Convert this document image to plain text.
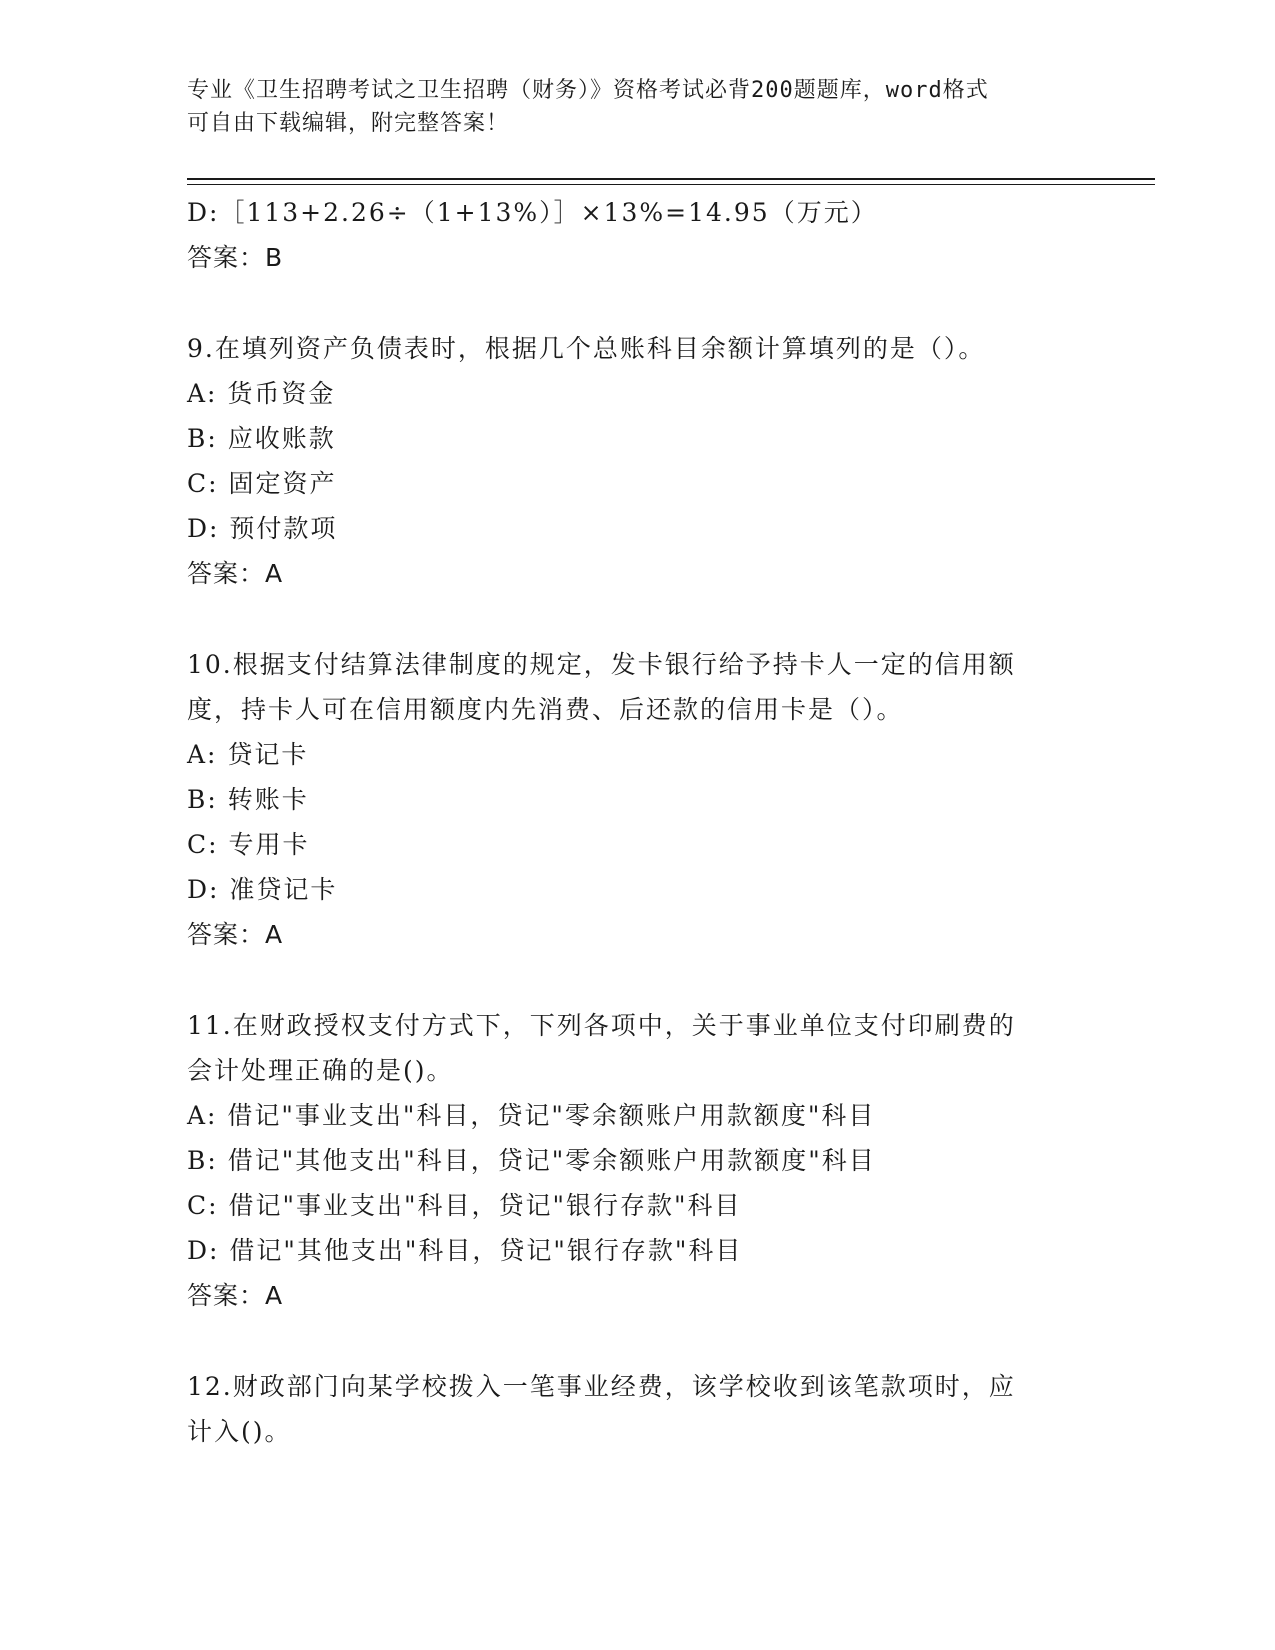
专业《卫生招聘考试之卫生招聘（财务）》资格考试必背200题题库，word格式
可自由下载编辑，附完整答案！
D:［113+2.26÷（1+13%）］×13%=14.95（万元）
答案：B
9.在填列资产负债表时，根据几个总账科目余额计算填列的是（）。
A: 货币资金
B: 应收账款
C: 固定资产
D: 预付款项
答案：A
10.根据支付结算法律制度的规定，发卡银行给予持卡人一定的信用额
度，持卡人可在信用额度内先消费、后还款的信用卡是（）。
A: 贷记卡
B: 转账卡
C: 专用卡
D: 准贷记卡
答案：A
11.在财政授权支付方式下，下列各项中，关于事业单位支付印刷费的
会计处理正确的是()。
A: 借记"事业支出"科目，贷记"零余额账户用款额度"科目
B: 借记"其他支出"科目，贷记"零余额账户用款额度"科目
C: 借记"事业支出"科目，贷记"银行存款"科目
D: 借记"其他支出"科目，贷记"银行存款"科目
答案：A
12.财政部门向某学校拨入一笔事业经费，该学校收到该笔款项时，应
计入()。
